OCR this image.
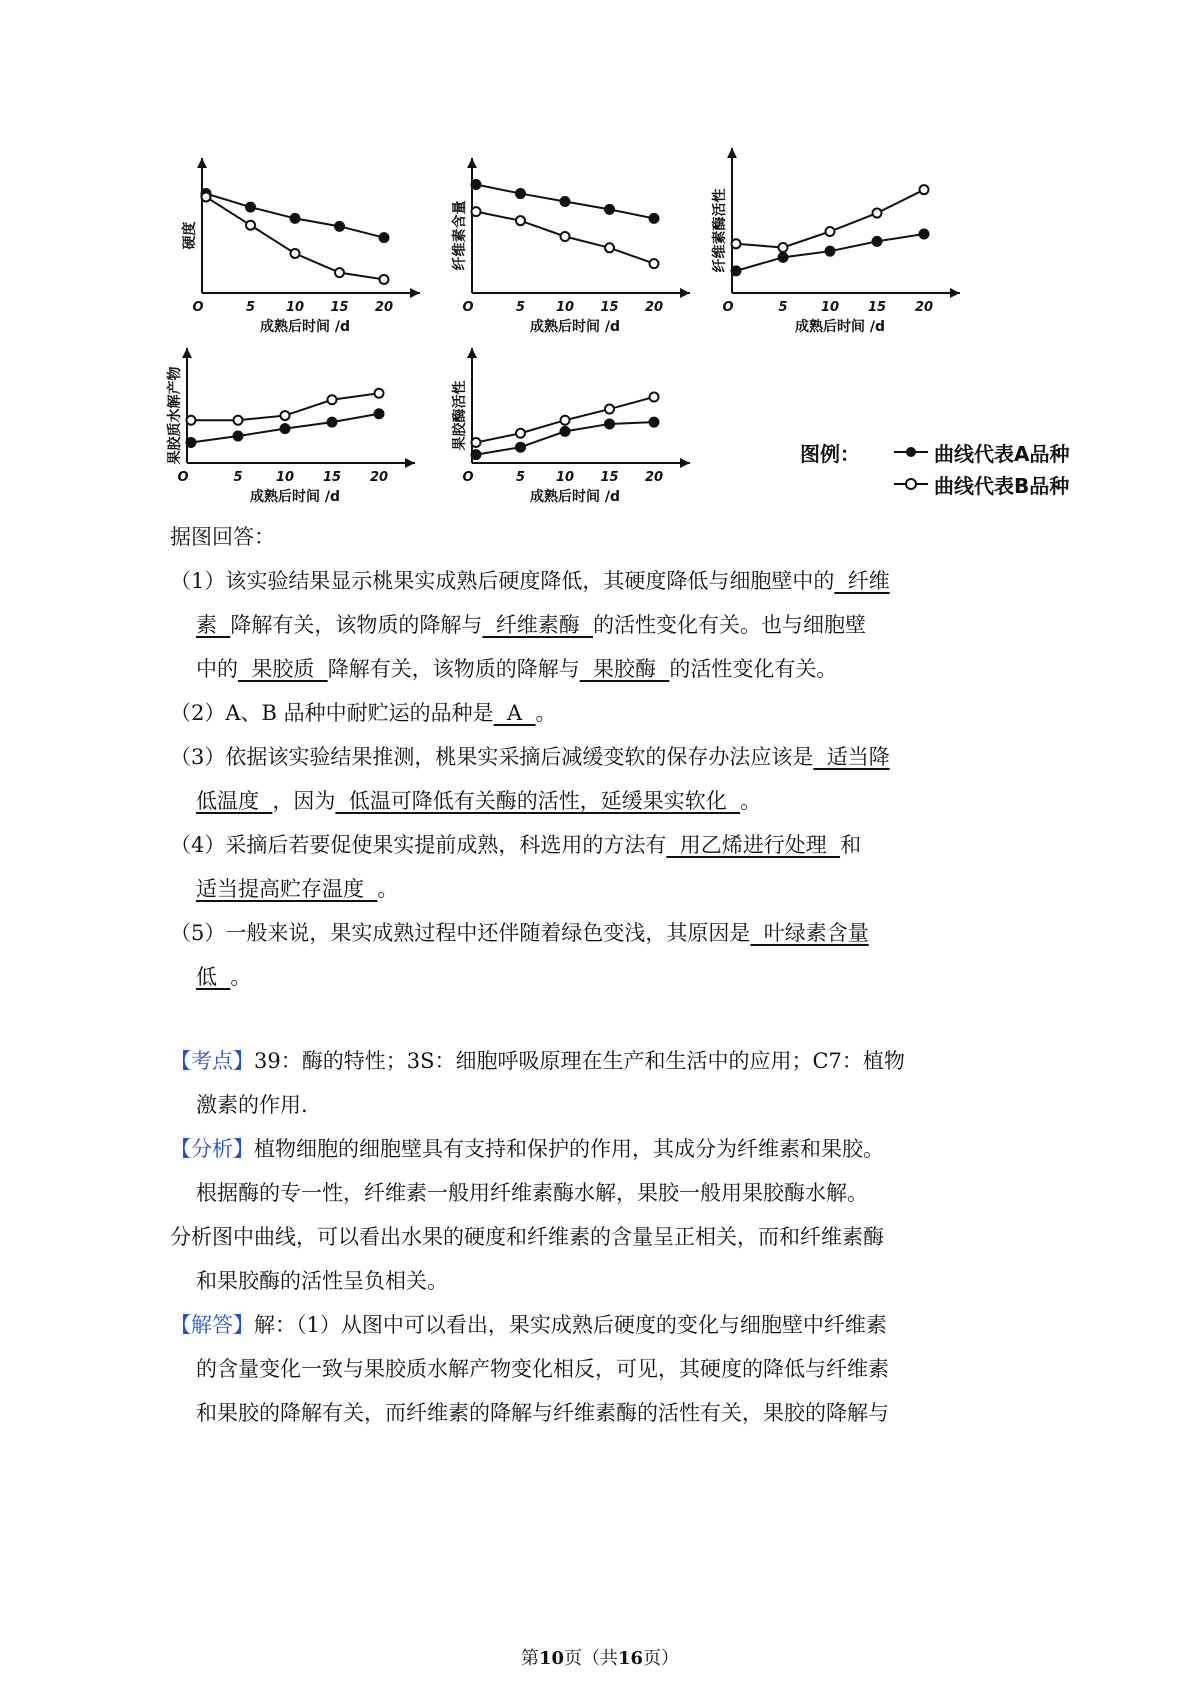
O	5 10 15 20
成熟后时间 /d
硬度
O	5 10 15 20
成熟后时间 /d
纤维素含量
O	5	10 15 20
成熟后时间 /d
纤维素酶活性
O	5	10 15 20
成熟后时间 /d
果胶质水解产物
O	5 10 15 20
成熟后时间 /d
果胶酶活性
图例：	曲线代表A品种
曲线代表B品种
据图回答：
（1）该实验结果显示桃果实成熟后硬度降低，其硬度降低与细胞壁中的  纤维
素  降解有关，该物质的降解与  纤维素酶  的活性变化有关。也与细胞壁
中的  果胶质  降解有关，该物质的降解与  果胶酶  的活性变化有关。
（2）A、B 品种中耐贮运的品种是  A  。
（3）依据该实验结果推测，桃果实采摘后减缓变软的保存办法应该是  适当降
低温度  ，因为  低温可降低有关酶的活性，延缓果实软化  。
（4）采摘后若要促使果实提前成熟，科选用的方法有  用乙烯进行处理  和
适当提高贮存温度  。
（5）一般来说，果实成熟过程中还伴随着绿色变浅，其原因是  叶绿素含量
低  。
【考点】39：酶的特性；3S：细胞呼吸原理在生产和生活中的应用；C7：植物
激素的作用.
【分析】植物细胞的细胞壁具有支持和保护的作用，其成分为纤维素和果胶。
根据酶的专一性，纤维素一般用纤维素酶水解，果胶一般用果胶酶水解。
分析图中曲线，可以看出水果的硬度和纤维素的含量呈正相关，而和纤维素酶
和果胶酶的活性呈负相关。
【解答】解：（1）从图中可以看出，果实成熟后硬度的变化与细胞壁中纤维素
的含量变化一致与果胶质水解产物变化相反，可见，其硬度的降低与纤维素
和果胶的降解有关，而纤维素的降解与纤维素酶的活性有关，果胶的降解与
第10页（共16页）
